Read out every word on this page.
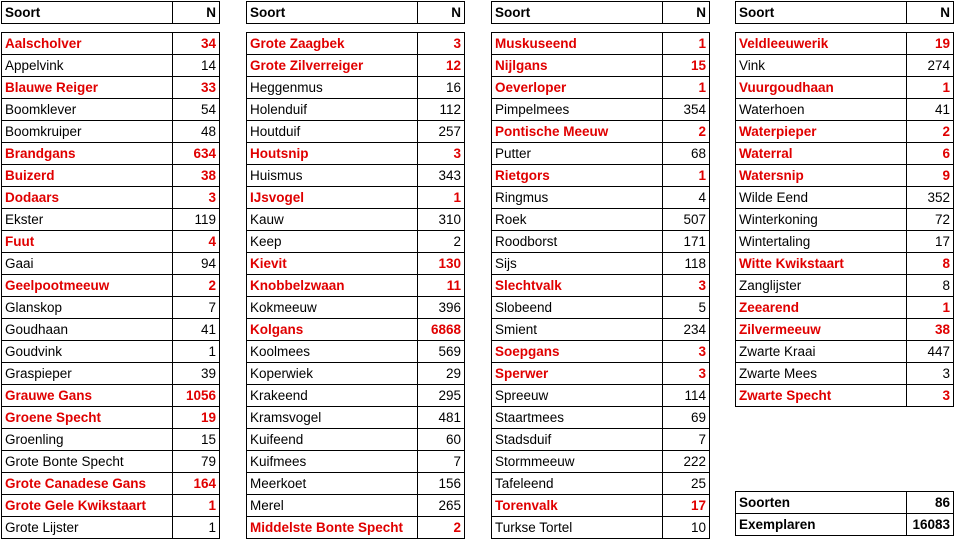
Soort	N

Aalscholver	34
Appelvink	14
Blauwe Reiger	33
Boomklever	54
Boomkruiper	48
Brandgans	634
Buizerd	38
Dodaars	3
Ekster	119
Fuut	4
Gaai	94
Geelpootmeeuw	2
Glanskop	7
Goudhaan	41
Goudvink	1
Graspieper	39
Grauwe Gans	1056
Groene Specht	19
Groenling	15
Grote Bonte Specht	79
Grote Canadese Gans	164
Grote Gele Kwikstaart	1
Grote Lijster	1
Soort	N

Grote Zaagbek	3
Grote Zilverreiger	12
Heggenmus	16
Holenduif	112
Houtduif	257
Houtsnip	3
Huismus	343
IJsvogel	1
Kauw	310
Keep	2
Kievit	130
Knobbelzwaan	11
Kokmeeuw	396
Kolgans	6868
Koolmees	569
Koperwiek	29
Krakeend	295
Kramsvogel	481
Kuifeend	60
Kuifmees	7
Meerkoet	156
Merel	265
Middelste Bonte Specht	2
Soort	N

Muskuseend	1
Nijlgans	15
Oeverloper	1
Pimpelmees	354
Pontische Meeuw	2
Putter	68
Rietgors	1
Ringmus	4
Roek	507
Roodborst	171
Sijs	118
Slechtvalk	3
Slobeend	5
Smient	234
Soepgans	3
Sperwer	3
Spreeuw	114
Staartmees	69
Stadsduif	7
Stormmeeuw	222
Tafeleend	25
Torenvalk	17
Turkse Tortel	10
Soort	N

Veldleeuwerik	19
Vink	274
Vuurgoudhaan	1
Waterhoen	41
Waterpieper	2
Waterral	6
Watersnip	9
Wilde Eend	352
Winterkoning	72
Wintertaling	17
Witte Kwikstaart	8
Zanglijster	8
Zeearend	1
Zilvermeeuw	38
Zwarte Kraai	447
Zwarte Mees	3
Zwarte Specht	3

Soorten	86
Exemplaren	16083
